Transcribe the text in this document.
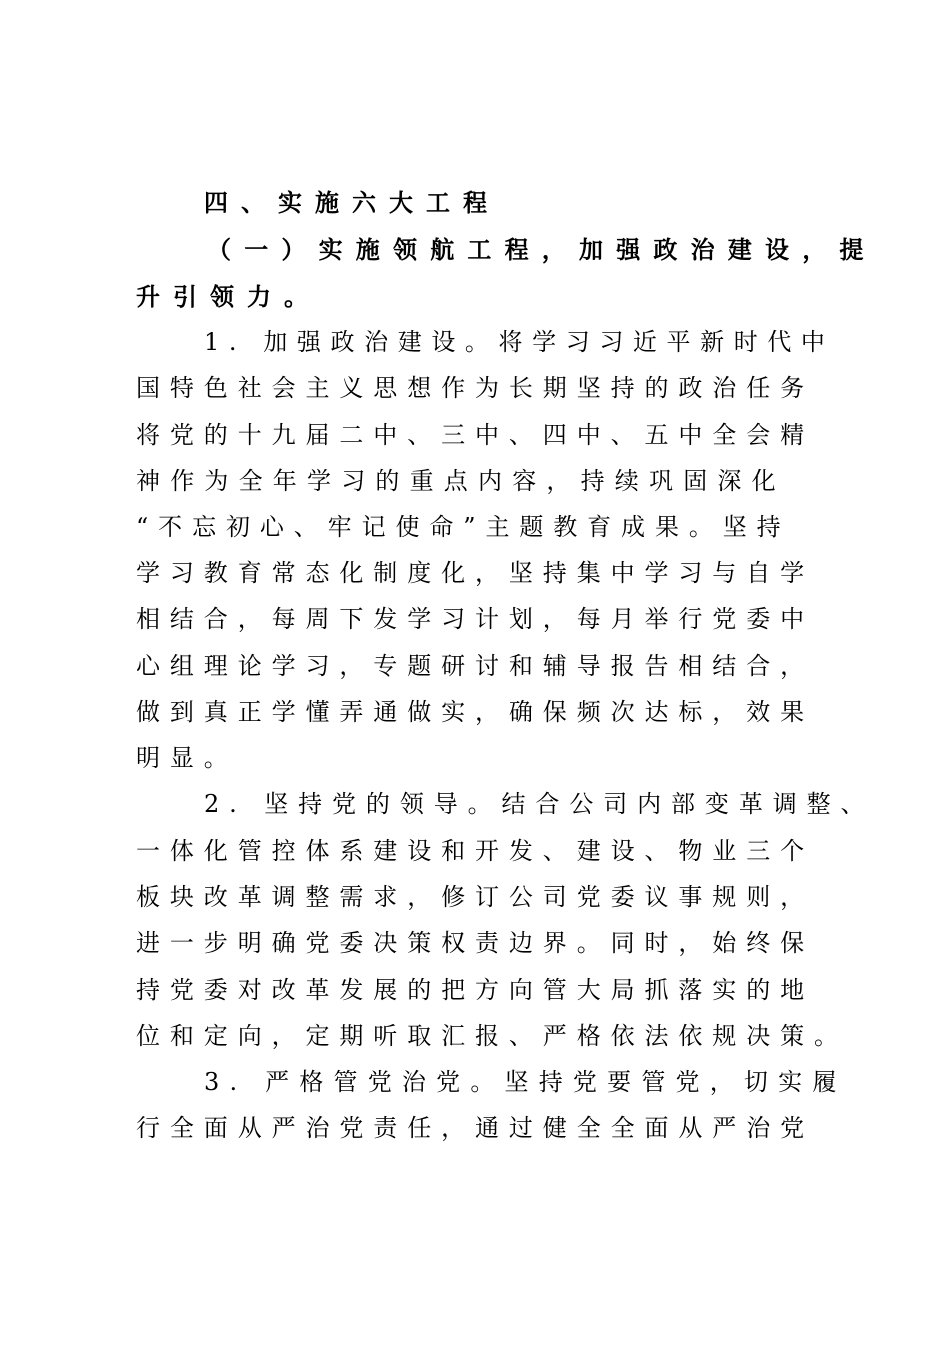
四、实施六大工程
（一）实施领航工程，加强政治建设，提
升引领力。
1. 加强政治建设。将学习习近平新时代中
国特色社会主义思想作为长期坚持的政治任务
将党的十九届二中、三中、四中、五中全会精
神作为全年学习的重点内容，持续巩固深化
“不忘初心、牢记使命”主题教育成果。坚持
学习教育常态化制度化，坚持集中学习与自学
相结合，每周下发学习计划，每月举行党委中
心组理论学习，专题研讨和辅导报告相结合，
做到真正学懂弄通做实，确保频次达标，效果
明显。
2. 坚持党的领导。结合公司内部变革调整、
一体化管控体系建设和开发、建设、物业三个
板块改革调整需求，修订公司党委议事规则，
进一步明确党委决策权责边界。同时，始终保
持党委对改革发展的把方向管大局抓落实的地
位和定向，定期听取汇报、严格依法依规决策。
3. 严格管党治党。坚持党要管党，切实履
行全面从严治党责任，通过健全全面从严治党
